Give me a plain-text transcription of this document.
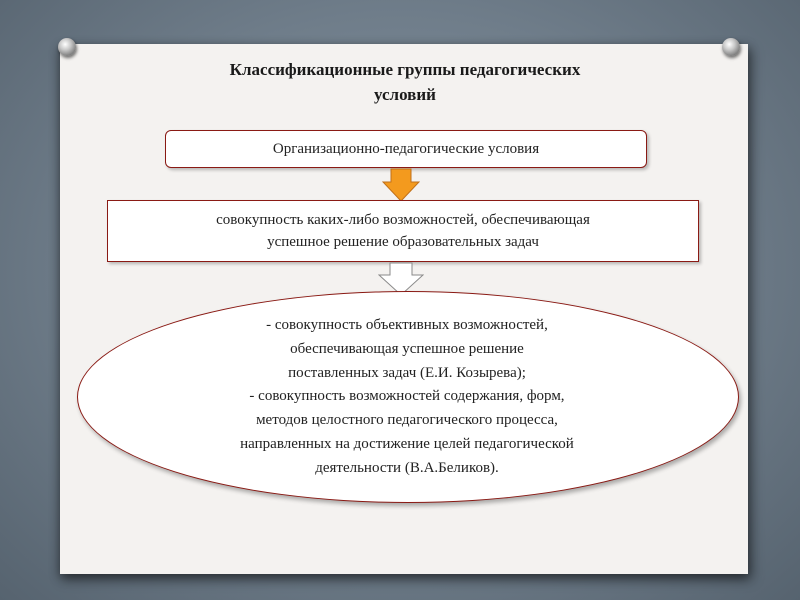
Классификационные группы педагогических
условий
Организационно-педагогические условия
совокупность каких-либо возможностей, обеспечивающая
успешное решение образовательных задач
- совокупность объективных возможностей,
обеспечивающая успешное решение
поставленных задач (Е.И. Козырева);
- совокупность возможностей содержания, форм,
методов целостного педагогического процесса,
направленных на достижение целей педагогической
деятельности (В.А.Беликов).
